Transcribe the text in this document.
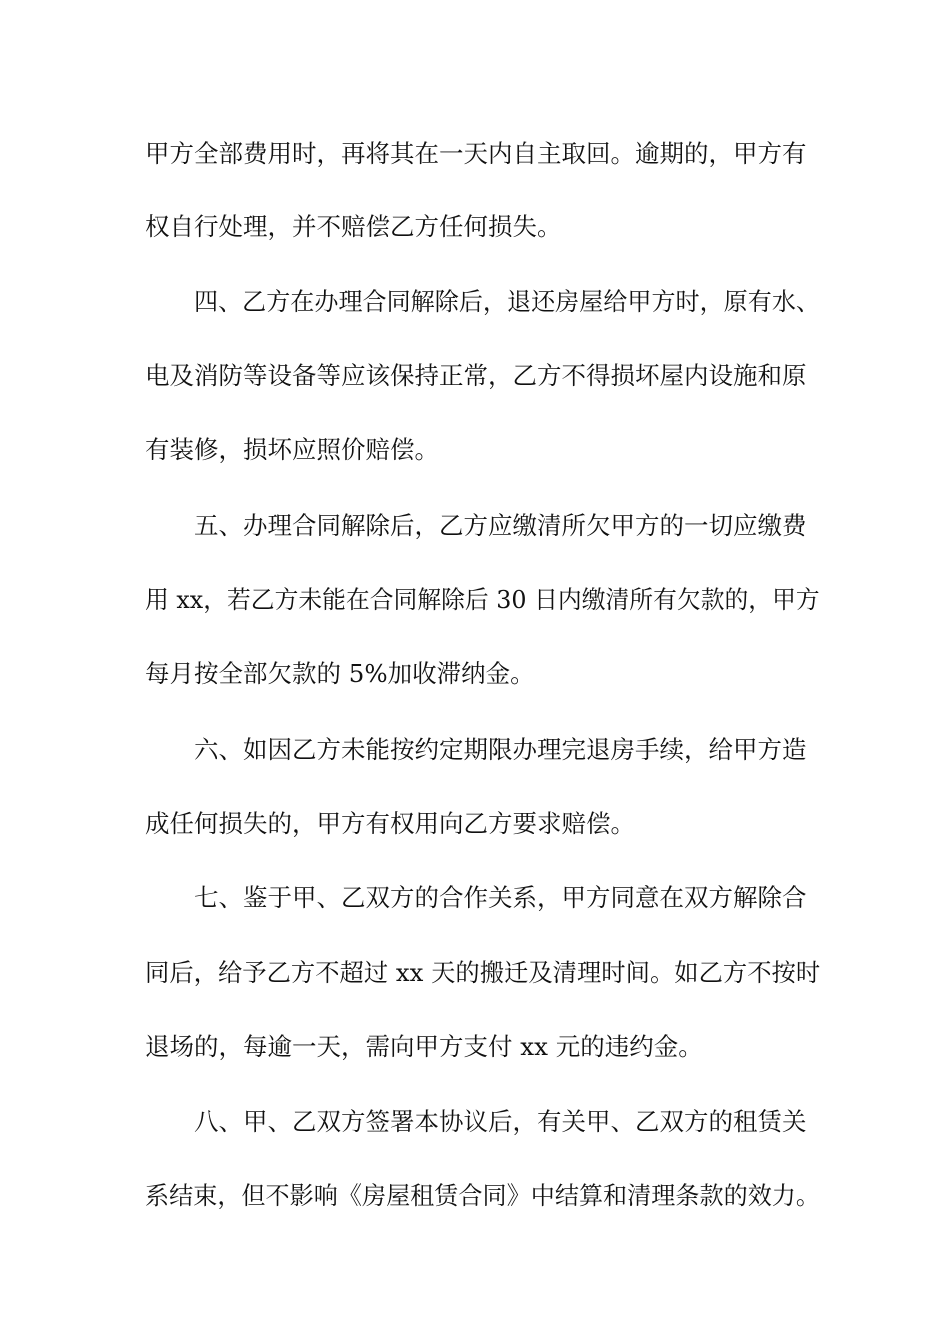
甲方全部费用时，再将其在一天内自主取回。逾期的，甲方有

权自行处理，并不赔偿乙方任何损失。

四、乙方在办理合同解除后，退还房屋给甲方时，原有水、

电及消防等设备等应该保持正常，乙方不得损坏屋内设施和原

有装修，损坏应照价赔偿。

五、办理合同解除后，乙方应缴清所欠甲方的一切应缴费

用 xx，若乙方未能在合同解除后 30 日内缴清所有欠款的，甲方

每月按全部欠款的 5%加收滞纳金。

六、如因乙方未能按约定期限办理完退房手续，给甲方造

成任何损失的，甲方有权用向乙方要求赔偿。

七、鉴于甲、乙双方的合作关系，甲方同意在双方解除合

同后，给予乙方不超过 xx 天的搬迁及清理时间。如乙方不按时

退场的，每逾一天，需向甲方支付 xx 元的违约金。

八、甲、乙双方签署本协议后，有关甲、乙双方的租赁关

系结束，但不影响《房屋租赁合同》中结算和清理条款的效力。
